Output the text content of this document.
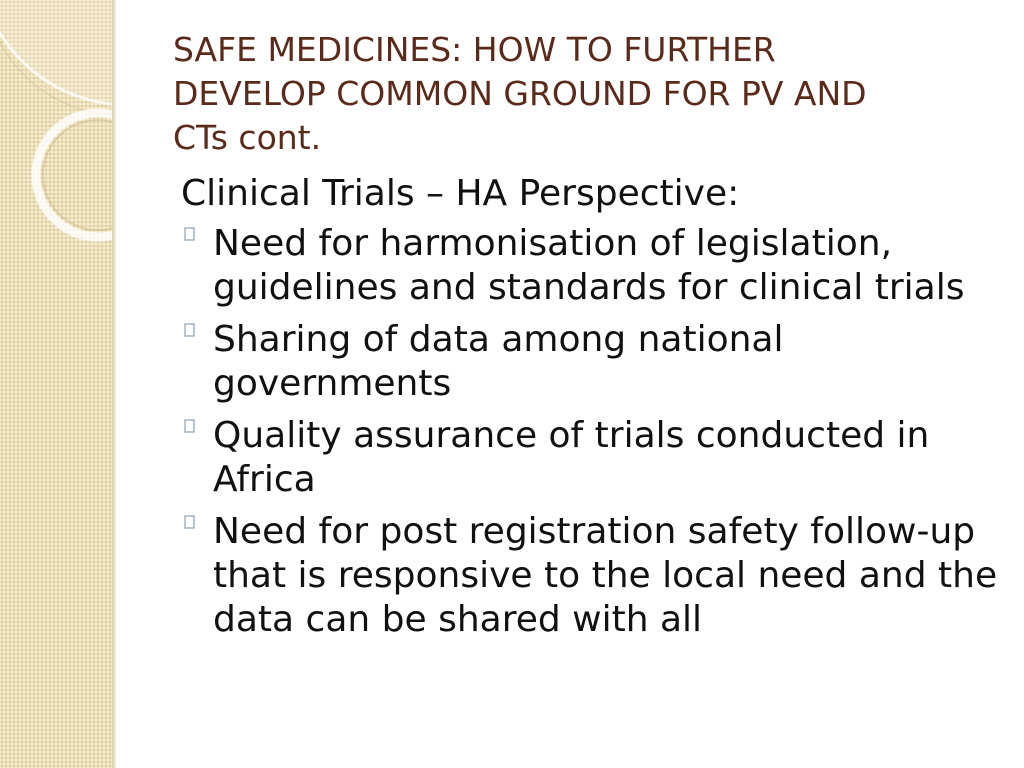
SAFE MEDICINES: HOW TO FURTHER
DEVELOP COMMON GROUND FOR PV AND
CTs cont.

Clinical Trials – HA Perspective:

Need for harmonisation of legislation, guidelines and standards for clinical trials
Sharing of data among national governments
Quality assurance of trials conducted in Africa
Need for post registration safety follow-up that is responsive to the local need and the data can be shared with all
